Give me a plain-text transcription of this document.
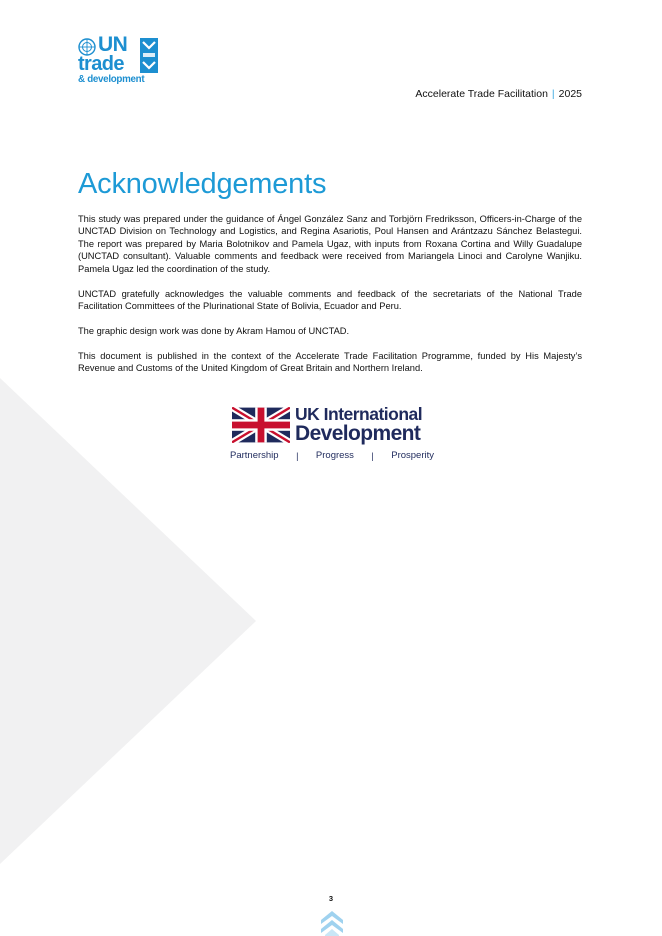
UN
trade
& development
Accelerate Trade Facilitation | 2025
Acknowledgements

This study was prepared under the guidance of Ángel González Sanz and Torbjörn Fredriksson, Officers-in-Charge of the UNCTAD Division on Technology and Logistics, and Regina Asariotis, Poul Hansen and Arántzazu Sánchez Belastegui. The report was prepared by Maria Bolotnikov and Pamela Ugaz, with inputs from Roxana Cortina and Willy Guadalupe (UNCTAD consultant). Valuable comments and feedback were received from Mariangela Linoci and Carolyne Wanjiku. Pamela Ugaz led the coordination of the study.

UNCTAD gratefully acknowledges the valuable comments and feedback of the secretariats of the National Trade Facilitation Committees of the Plurinational State of Bolivia, Ecuador and Peru.

The graphic design work was done by Akram Hamou of UNCTAD.

This document is published in the context of the Accelerate Trade Facilitation Programme, funded by His Majesty’s Revenue and Customs of the United Kingdom of Great Britain and Northern Ireland.

UK International
Development
Partnership | Progress | Prosperity
3
